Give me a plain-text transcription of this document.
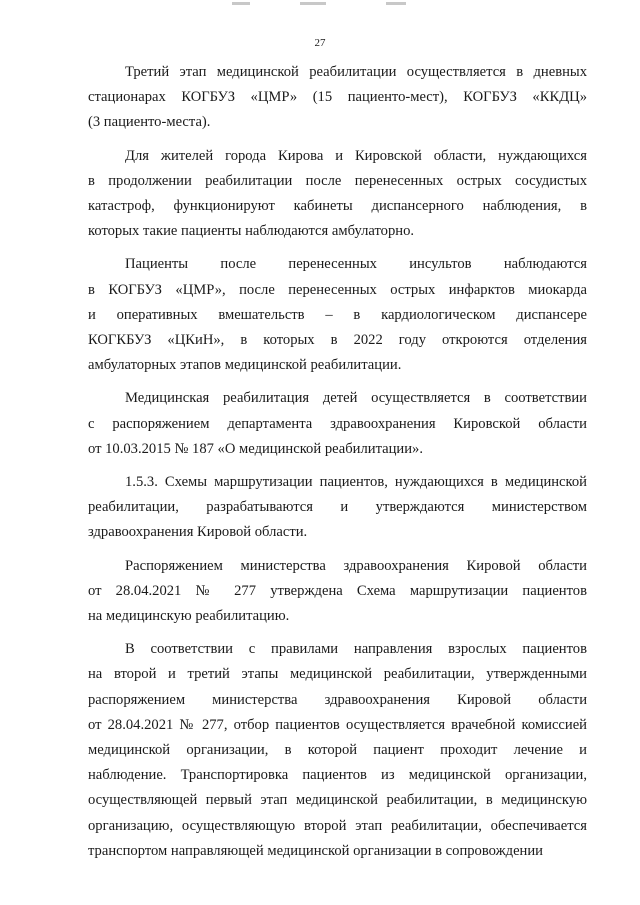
27

Третий этап медицинской реабилитации осуществляется в дневных
стационарах КОГБУЗ «ЦМР» (15 пациенто-мест), КОГБУЗ «ККДЦ»
(3 пациенто-места).

Для жителей города Кирова и Кировской области, нуждающихся
в продолжении реабилитации после перенесенных острых сосудистых
катастроф, функционируют кабинеты диспансерного наблюдения, в
которых такие пациенты наблюдаются амбулаторно.

Пациенты после перенесенных инсультов наблюдаются
в КОГБУЗ «ЦМР», после перенесенных острых инфарктов миокарда
и оперативных вмешательств – в кардиологическом диспансере
КОГКБУЗ «ЦКиН», в которых в 2022 году откроются отделения
амбулаторных этапов медицинской реабилитации.

Медицинская реабилитация детей осуществляется в соответствии
с распоряжением департамента здравоохранения Кировской области
от 10.03.2015 № 187 «О медицинской реабилитации».

1.5.3. Схемы маршрутизации пациентов, нуждающихся в медицинской
реабилитации, разрабатываются и утверждаются министерством
здравоохранения Кировой области.

Распоряжением министерства здравоохранения Кировой области
от 28.04.2021 № 277 утверждена Схема маршрутизации пациентов
на медицинскую реабилитацию.

В соответствии с правилами направления взрослых пациентов
на второй и третий этапы медицинской реабилитации, утвержденными
распоряжением министерства здравоохранения Кировой области
от 28.04.2021 № 277, отбор пациентов осуществляется врачебной комиссией
медицинской организации, в которой пациент проходит лечение и
наблюдение. Транспортировка пациентов из медицинской организации,
осуществляющей первый этап медицинской реабилитации, в медицинскую
организацию, осуществляющую второй этап реабилитации, обеспечивается
транспортом направляющей медицинской организации в сопровождении
